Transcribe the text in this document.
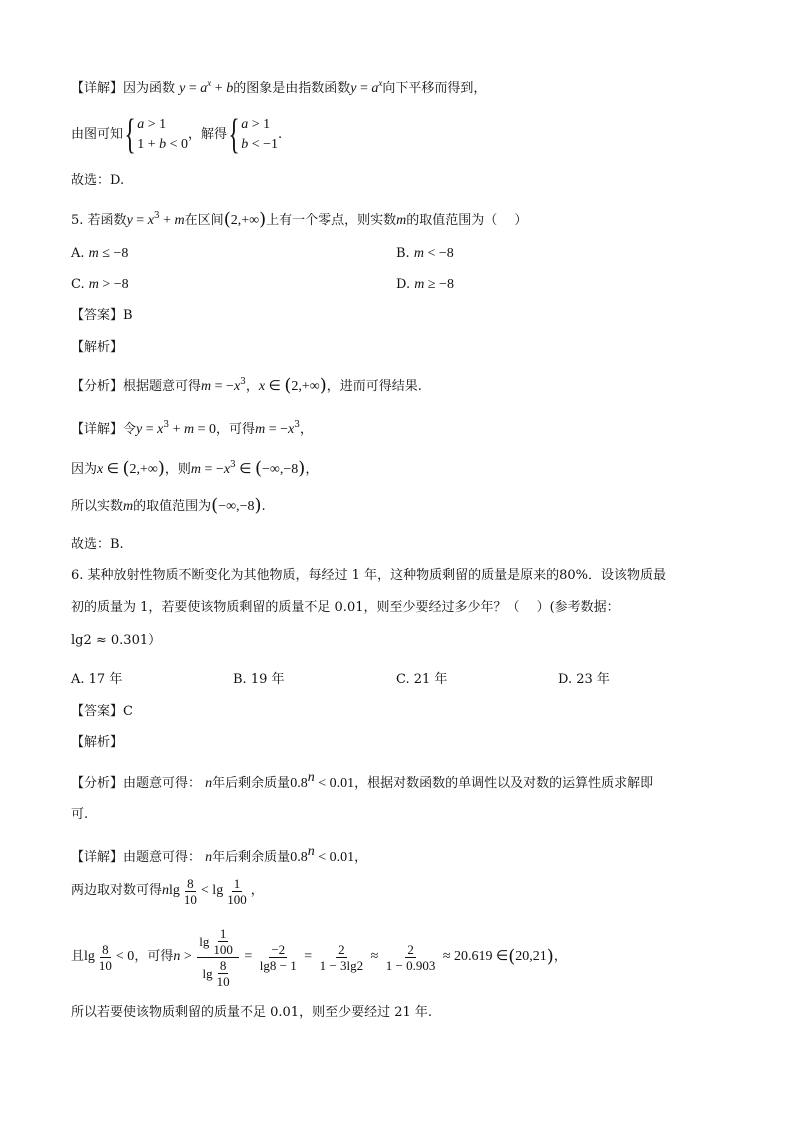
【详解】因为函数 $y = a^x + b$的图象是由指数函数$y = a^x$向下平移而得到，
由图可知 { a > 1
1 + b < 0
，解得 { a > 1
b < −1
.
故选：D.
5. 若函数$y = x^3 + m$在区间(2,+∞)上有一个零点，则实数m的取值范围为（　 ）
A. m ≤ −8	B. m < −8
C. m > −8	D. m ≥ −8
【答案】B
【解析】
【分析】根据题意可得$m = -x^3$，x ∈ (2,+∞)，进而可得结果.
【详解】令$y = x^3 + m = 0$，可得$m = -x^3$，
因为x ∈ (2,+∞)，则$m = -x^3$ ∈ (−∞,−8)，
所以实数m的取值范围为(−∞,−8).
故选：B.
6. 某种放射性物质不断变化为其他物质，每经过 1 年，这种物质剩留的质量是原来的80%．设该物质最
初的质量为 1，若要使该物质剩留的质量不足 0.01，则至少要经过多少年？（　 ）(参考数据：
lg2 ≈ 0.301）
A. 17 年	B. 19 年	C. 21 年	D. 23 年
【答案】C
【解析】
【分析】由题意可得： n年后剩余质量$0.8^n < 0.01$，根据对数函数的单调性以及对数的运算性质求解即
可.
【详解】由题意可得： n年后剩余质量$0.8^n < 0.01$，
两边取对数可得 n $\lg \frac{8}{10} < \lg \frac{1}{100}$ ，
且 $\lg \frac{8}{10} < 0$ ，可得 $n > \frac{\lg \frac{1}{100}}{\lg \frac{8}{10}} = \frac{-2}{\lg 8 - 1} = \frac{2}{1 - 3\lg 2} \approx \frac{2}{1 - 0.903} \approx 20.619$ ∈ ( 20,21 ) ，
所以若要使该物质剩留的质量不足 0.01，则至少要经过 21 年.
